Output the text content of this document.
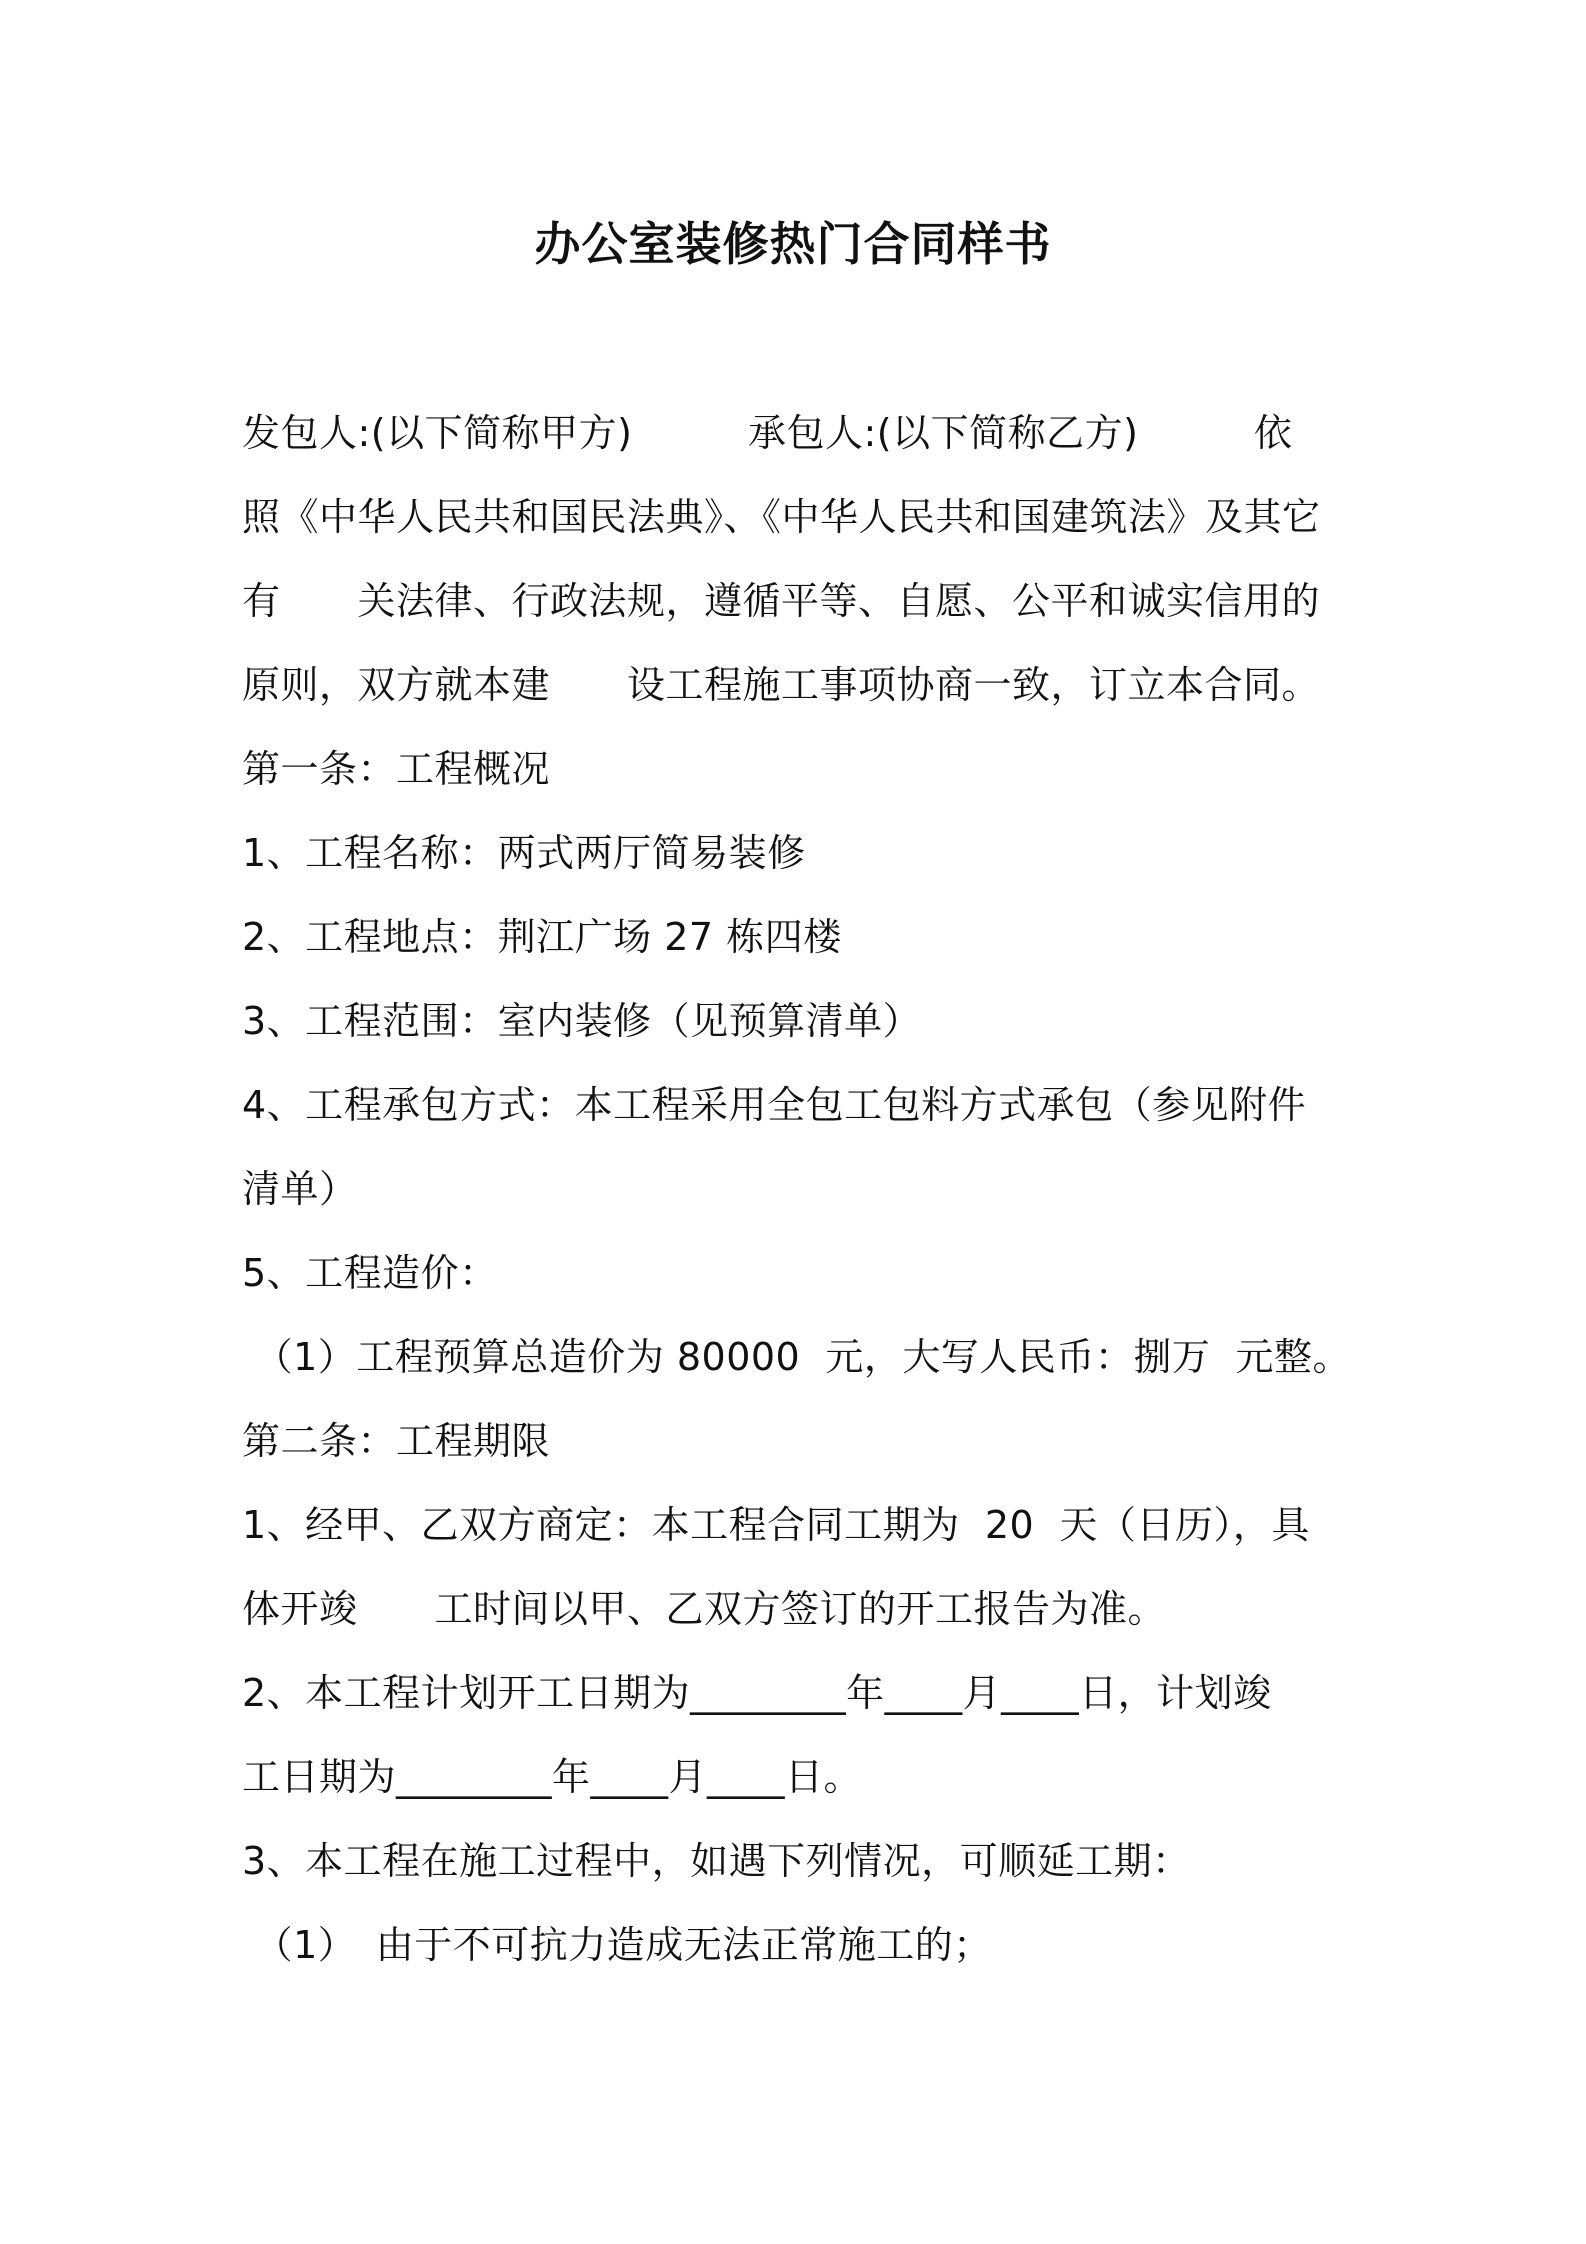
办公室装修热门合同样书
发包人:(以下简称甲方)　　　承包人:(以下简称乙方)　　　依
照《中华人民共和国民法典》、《中华人民共和国建筑法》及其它
有　　关法律、行政法规，遵循平等、自愿、公平和诚实信用的
原则，双方就本建　　设工程施工事项协商一致，订立本合同。
第一条：工程概况
1、工程名称：两式两厅简易装修
2、工程地点：荆江广场 27 栋四楼
3、工程范围：室内装修（见预算清单）
4、工程承包方式：本工程采用全包工包料方式承包（参见附件
清单）
5、工程造价：
（1）工程预算总造价为 80000  元，大写人民币：捌万  元整。
第二条：工程期限
1、经甲、乙双方商定：本工程合同工期为  20  天（日历），具
体开竣　　工时间以甲、乙双方签订的开工报告为准。
2、本工程计划开工日期为________年____月____日，计划竣
工日期为________年____月____日。
3、本工程在施工过程中，如遇下列情况，可顺延工期：
（1）　由于不可抗力造成无法正常施工的；
